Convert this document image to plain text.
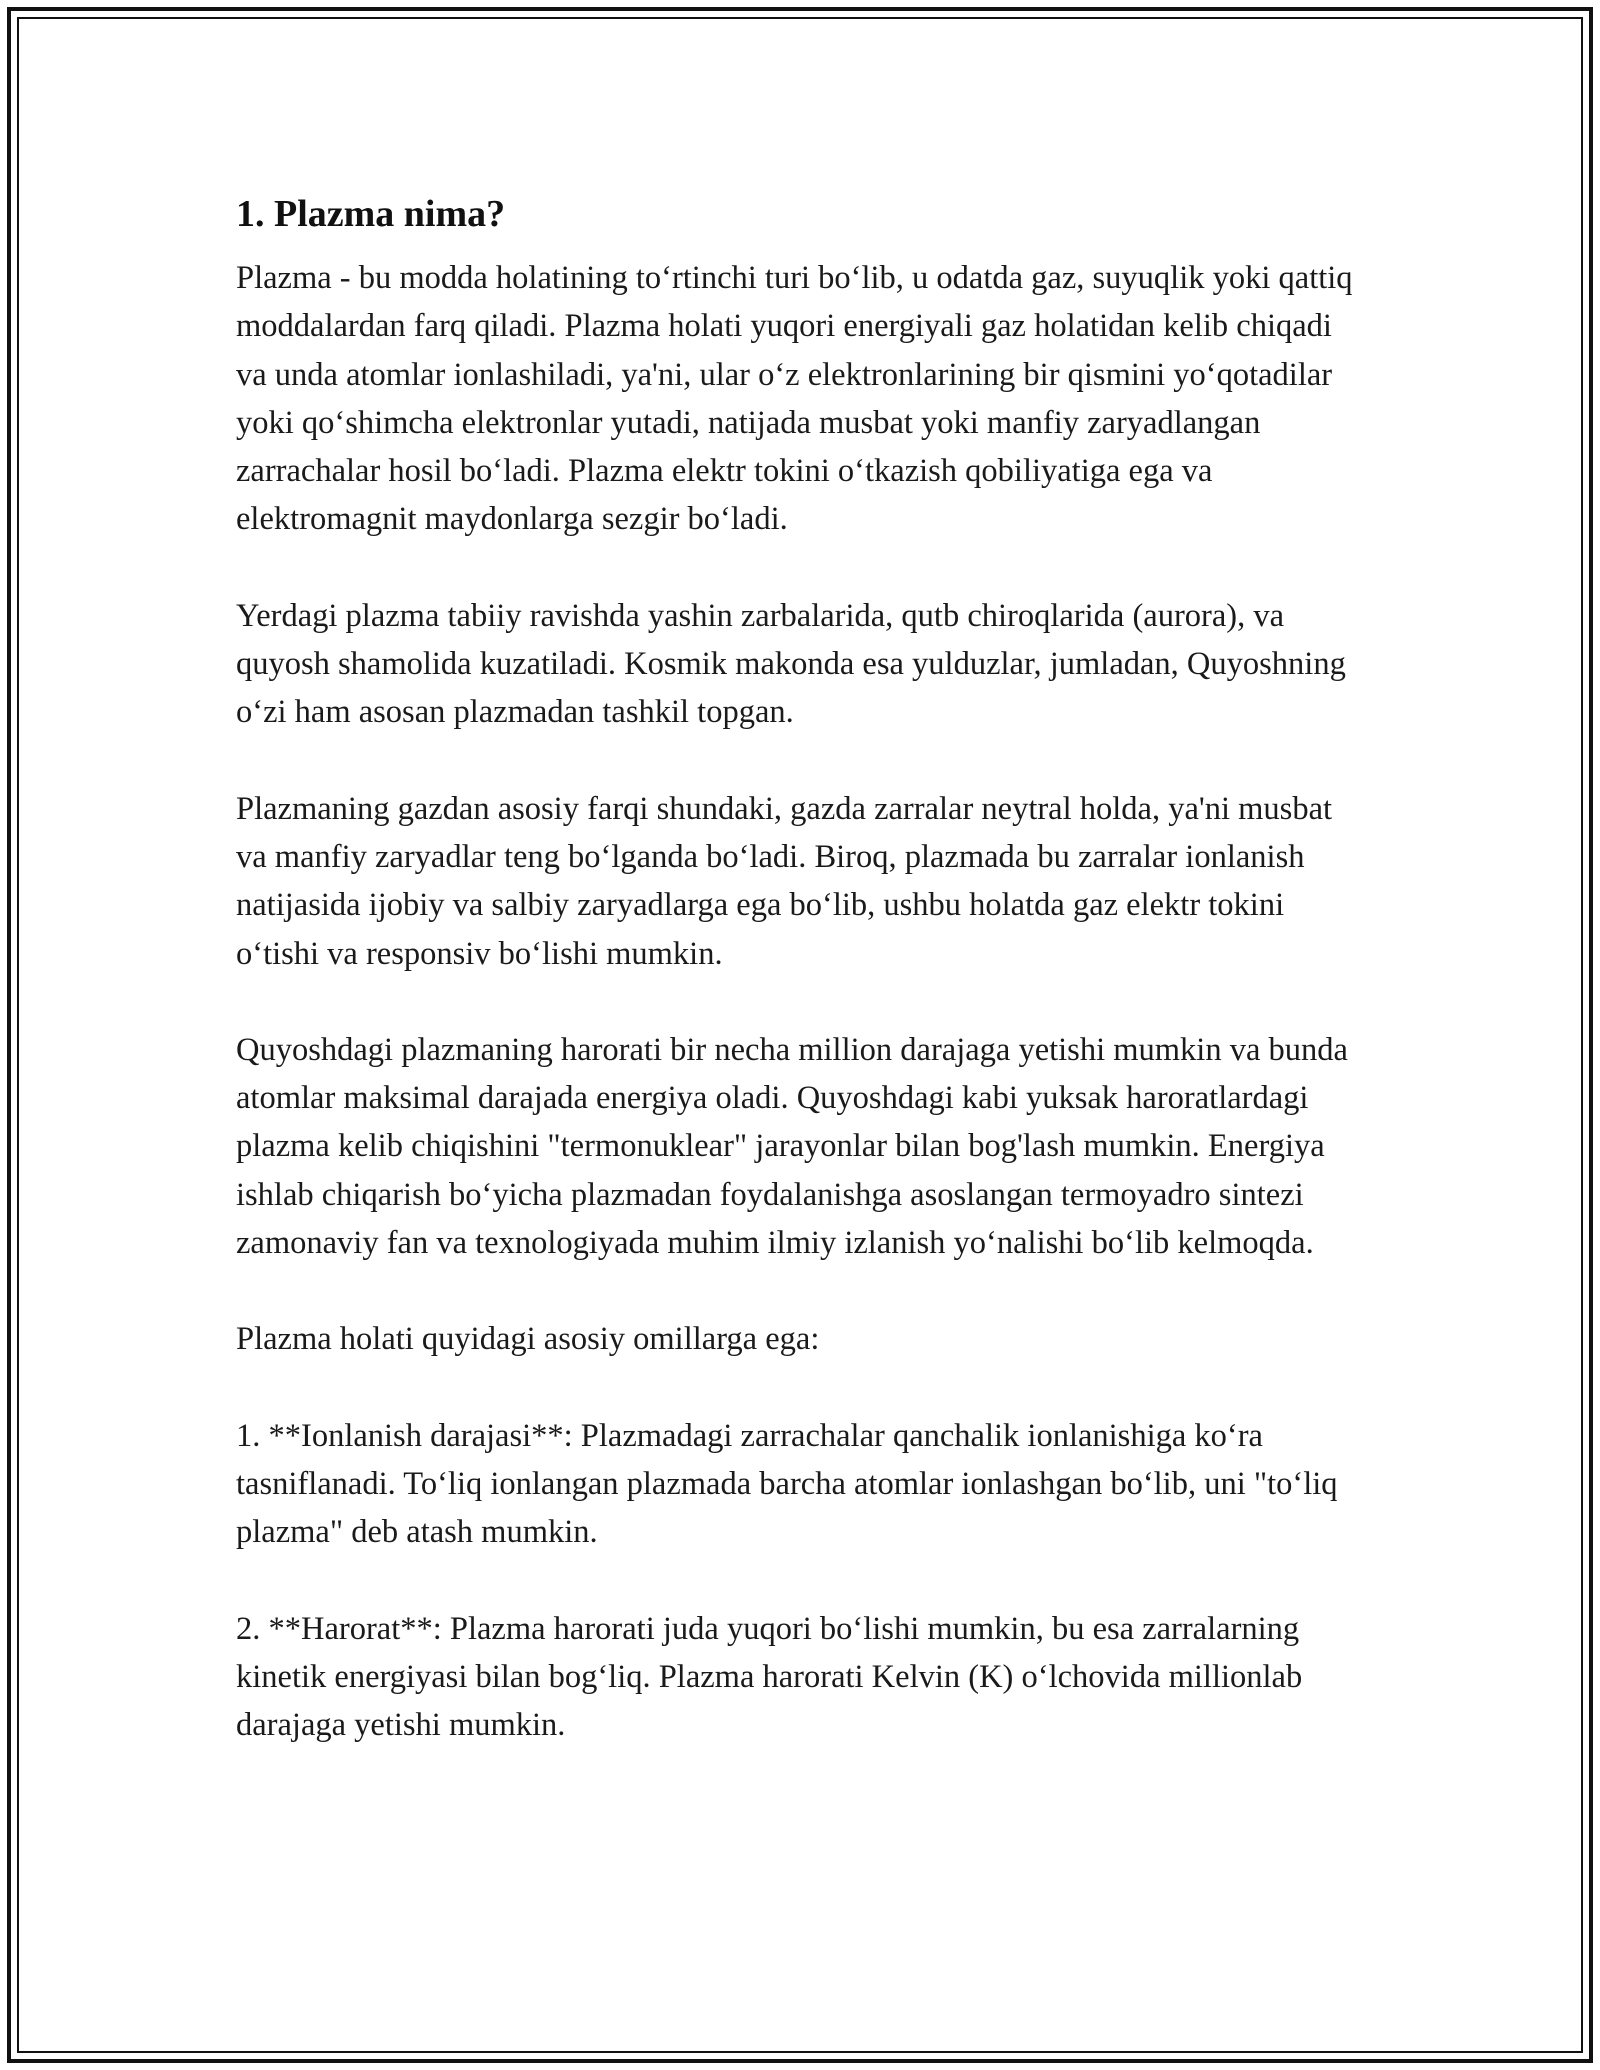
1. Plazma nima?

Plazma - bu modda holatining to‘rtinchi turi bo‘lib, u odatda gaz, suyuqlik yoki qattiq moddalardan farq qiladi. Plazma holati yuqori energiyali gaz holatidan kelib chiqadi va unda atomlar ionlashiladi, ya'ni, ular o‘z elektronlarining bir qismini yo‘qotadilar yoki qo‘shimcha elektronlar yutadi, natijada musbat yoki manfiy zaryadlangan zarrachalar hosil bo‘ladi. Plazma elektr tokini o‘tkazish qobiliyatiga ega va elektromagnit maydonlarga sezgir bo‘ladi.

Yerdagi plazma tabiiy ravishda yashin zarbalarida, qutb chiroqlarida (aurora), va quyosh shamolida kuzatiladi. Kosmik makonda esa yulduzlar, jumladan, Quyoshning o‘zi ham asosan plazmadan tashkil topgan.

Plazmaning gazdan asosiy farqi shundaki, gazda zarralar neytral holda, ya'ni musbat va manfiy zaryadlar teng bo‘lganda bo‘ladi. Biroq, plazmada bu zarralar ionlanish natijasida ijobiy va salbiy zaryadlarga ega bo‘lib, ushbu holatda gaz elektr tokini o‘tishi va responsiv bo‘lishi mumkin.

Quyoshdagi plazmaning harorati bir necha million darajaga yetishi mumkin va bunda atomlar maksimal darajada energiya oladi. Quyoshdagi kabi yuksak haroratlardagi plazma kelib chiqishini "termonuklear" jarayonlar bilan bog'lash mumkin. Energiya ishlab chiqarish bo‘yicha plazmadan foydalanishga asoslangan termoyadro sintezi zamonaviy fan va texnologiyada muhim ilmiy izlanish yo‘nalishi bo‘lib kelmoqda.

Plazma holati quyidagi asosiy omillarga ega:

1. **Ionlanish darajasi**: Plazmadagi zarrachalar qanchalik ionlanishiga ko‘ra tasniflanadi. To‘liq ionlangan plazmada barcha atomlar ionlashgan bo‘lib, uni "to‘liq plazma" deb atash mumkin.

2. **Harorat**: Plazma harorati juda yuqori bo‘lishi mumkin, bu esa zarralarning kinetik energiyasi bilan bog‘liq. Plazma harorati Kelvin (K) o‘lchovida millionlab darajaga yetishi mumkin.
